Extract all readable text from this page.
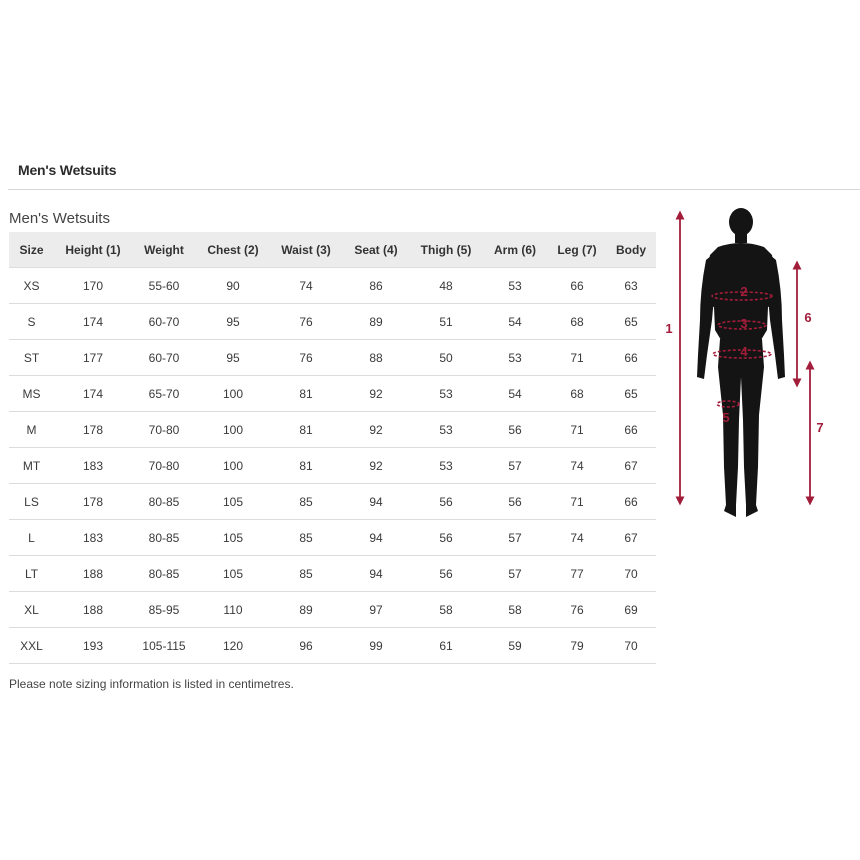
Men's Wetsuits
Men's Wetsuits
Size	Height (1)	Weight	Chest (2)	Waist (3)	Seat (4)	Thigh (5)	Arm (6)	Leg (7)	Body
XS	170	55-60	90	74	86	48	53	66	63
S	174	60-70	95	76	89	51	54	68	65
ST	177	60-70	95	76	88	50	53	71	66
MS	174	65-70	100	81	92	53	54	68	65
M	178	70-80	100	81	92	53	56	71	66
MT	183	70-80	100	81	92	53	57	74	67
LS	178	80-85	105	85	94	56	56	71	66
L	183	80-85	105	85	94	56	57	74	67
LT	188	80-85	105	85	94	56	57	77	70
XL	188	85-95	110	89	97	58	58	76	69
XXL	193	105-115	120	96	99	61	59	79	70
Please note sizing information is listed in centimetres.
1
2
3
4
5
6
7
